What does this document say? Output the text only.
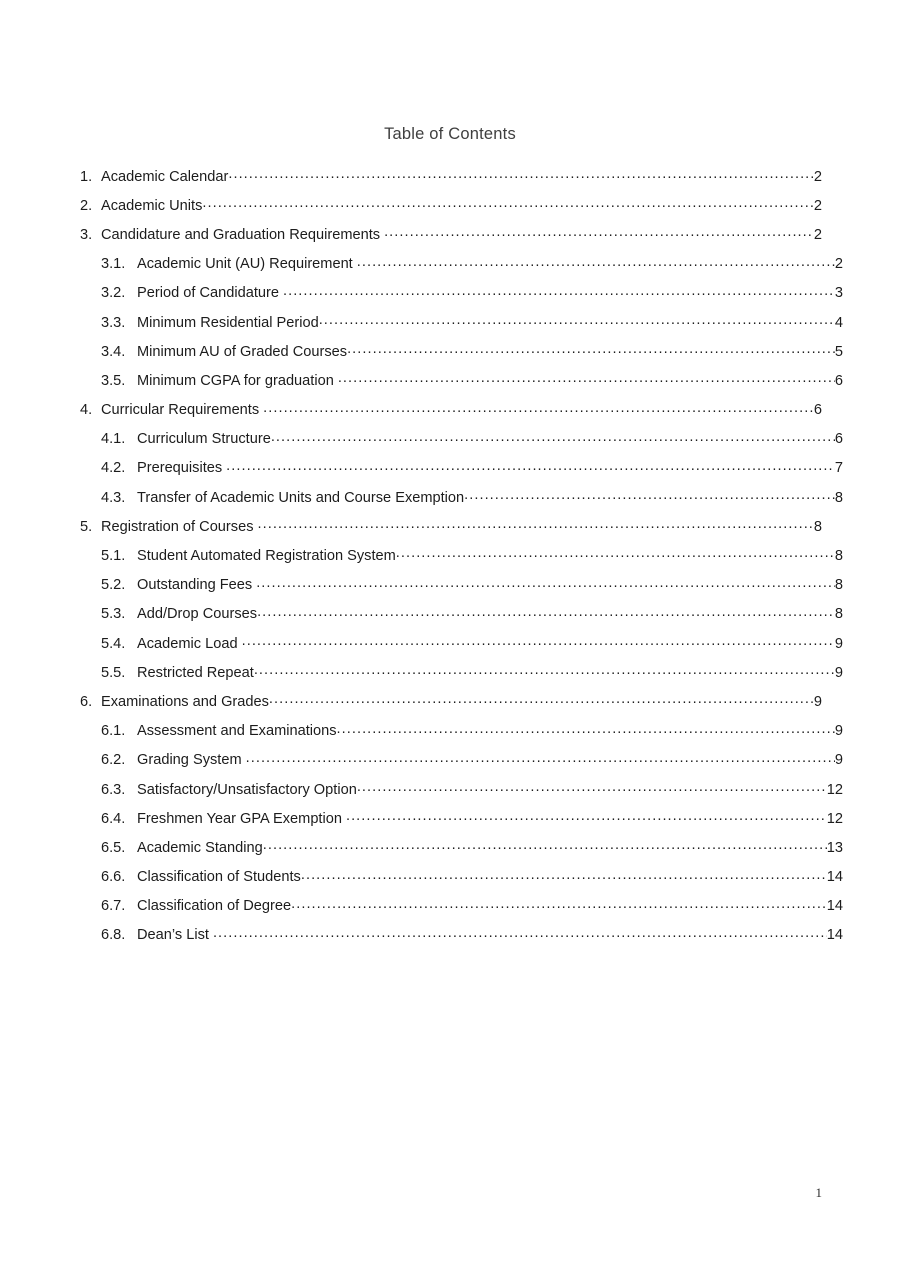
Table of Contents
1. Academic Calendar .....	2
2. Academic Units .....	2
3. Candidature and Graduation Requirements .....	2
3.1. Academic Unit (AU) Requirement .....	2
3.2. Period of Candidature .....	3
3.3. Minimum Residential Period .....	4
3.4. Minimum AU of Graded Courses .....	5
3.5. Minimum CGPA for graduation .....	6
4. Curricular Requirements .....	6
4.1. Curriculum Structure .....	6
4.2. Prerequisites .....	7
4.3. Transfer of Academic Units and Course Exemption .....	8
5. Registration of Courses .....	8
5.1. Student Automated Registration System .....	8
5.2. Outstanding Fees .....	8
5.3. Add/Drop Courses .....	8
5.4. Academic Load .....	9
5.5. Restricted Repeat .....	9
6. Examinations and Grades .....	9
6.1. Assessment and Examinations .....	9
6.2. Grading System .....	9
6.3. Satisfactory/Unsatisfactory Option .....	12
6.4. Freshmen Year GPA Exemption .....	12
6.5. Academic Standing .....	13
6.6. Classification of Students .....	14
6.7. Classification of Degree .....	14
6.8. Dean’s List .....	14
1
